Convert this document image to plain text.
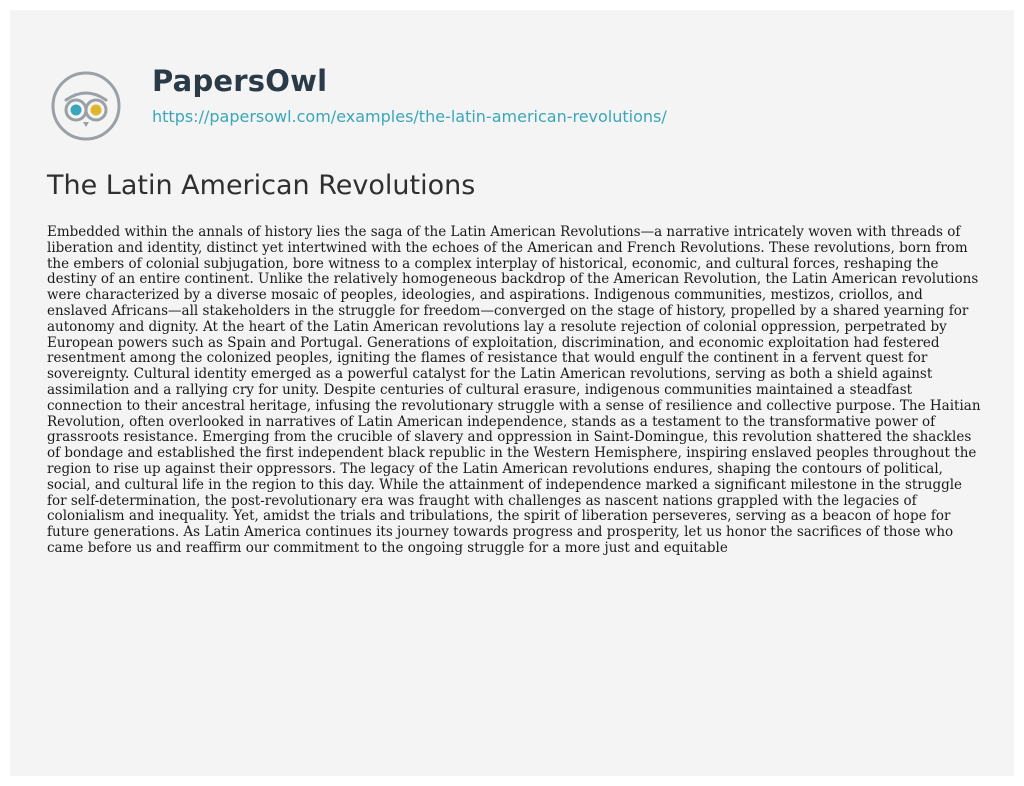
PapersOwl
https://papersowl.com/examples/the-latin-american-revolutions/
The Latin American Revolutions

Embedded within the annals of history lies the saga of the Latin American Revolutions—a narrative intricately woven with threads of liberation and identity, distinct yet intertwined with the echoes of the American and French Revolutions. These revolutions, born from the embers of colonial subjugation, bore witness to a complex interplay of historical, economic, and cultural forces, reshaping the destiny of an entire continent. Unlike the relatively homogeneous backdrop of the American Revolution, the Latin American revolutions were characterized by a diverse mosaic of peoples, ideologies, and aspirations. Indigenous communities, mestizos, criollos, and enslaved Africans—all stakeholders in the struggle for freedom—converged on the stage of history, propelled by a shared yearning for autonomy and dignity. At the heart of the Latin American revolutions lay a resolute rejection of colonial oppression, perpetrated by European powers such as Spain and Portugal. Generations of exploitation, discrimination, and economic exploitation had festered resentment among the colonized peoples, igniting the flames of resistance that would engulf the continent in a fervent quest for sovereignty. Cultural identity emerged as a powerful catalyst for the Latin American revolutions, serving as both a shield against assimilation and a rallying cry for unity. Despite centuries of cultural erasure, indigenous communities maintained a steadfast connection to their ancestral heritage, infusing the revolutionary struggle with a sense of resilience and collective purpose. The Haitian Revolution, often overlooked in narratives of Latin American independence, stands as a testament to the transformative power of grassroots resistance. Emerging from the crucible of slavery and oppression in Saint-Domingue, this revolution shattered the shackles of bondage and established the first independent black republic in the Western Hemisphere, inspiring enslaved peoples throughout the region to rise up against their oppressors. The legacy of the Latin American revolutions endures, shaping the contours of political, social, and cultural life in the region to this day. While the attainment of independence marked a significant milestone in the struggle for self-determination, the post-revolutionary era was fraught with challenges as nascent nations grappled with the legacies of colonialism and inequality. Yet, amidst the trials and tribulations, the spirit of liberation perseveres, serving as a beacon of hope for future generations. As Latin America continues its journey towards progress and prosperity, let us honor the sacrifices of those who came before us and reaffirm our commitment to the ongoing struggle for a more just and equitable
